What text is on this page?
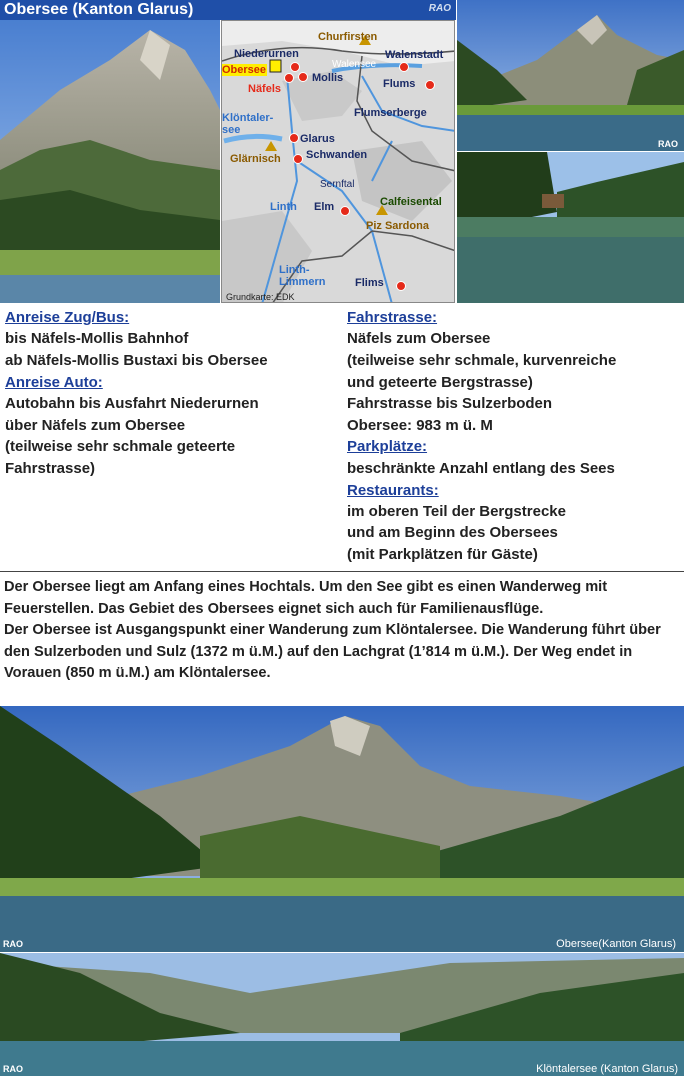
Obersee (Kanton Glarus)	RAO
Churfirsten
Niederurnen	Walenstadt
Walensee
Obersee
Mollis
Näfels	Flums
Klöntaler-
see
Flumserberge
Glarus
Glärnisch Schwanden
Sernftal
Calfeisental
Linth Elm
Piz Sardona
Linth-
Limmern	Flims
Grundkarte: EDK
RAO
Anreise Zug/Bus:
bis Näfels-Mollis Bahnhof
ab Näfels-Mollis Bustaxi bis Obersee
Anreise Auto:
Autobahn bis Ausfahrt Niederurnen
über Näfels zum Obersee
(teilweise sehr schmale geteerte
Fahrstrasse)
Fahrstrasse:
Näfels zum Obersee
(teilweise sehr schmale, kurvenreiche
und geteerte Bergstrasse)
Fahrstrasse bis Sulzerboden
Obersee: 983 m ü. M
Parkplätze:
beschränkte Anzahl entlang des Sees
Restaurants:
im oberen Teil der Bergstrecke
und am Beginn des Obersees
(mit Parkplätzen für Gäste)
Der Obersee liegt am Anfang eines Hochtals. Um den See gibt es einen Wanderweg mit Feuerstellen. Das Gebiet des Obersees eignet sich auch für Familienausflüge.
Der Obersee ist Ausgangspunkt einer Wanderung zum Klöntalersee. Die Wanderung führt über den Sulzerboden und Sulz (1372 m ü.M.) auf den Lachgrat (1’814 m ü.M.). Der Weg endet in Vorauen (850 m ü.M.) am Klöntalersee.
RAO	Obersee(Kanton Glarus)
RAO	Klöntalersee (Kanton Glarus)
